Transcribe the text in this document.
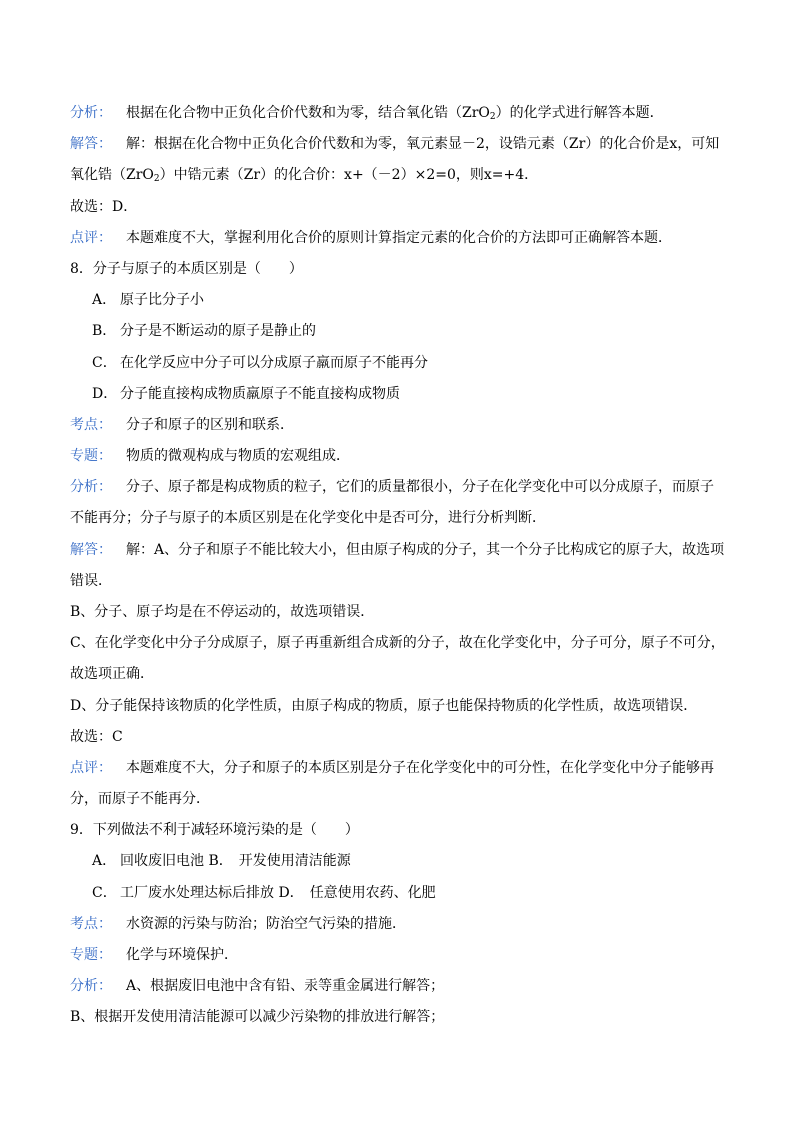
分析： 根据在化合物中正负化合价代数和为零，结合氧化锆（ZrO$_2$）的化学式进行解答本题．
解答： 解：根据在化合物中正负化合价代数和为零，氧元素显－2，设锆元素（Zr）的化合价是x，可知
氧化锆（ZrO$_2$）中锆元素（Zr）的化合价：x+（－2）×2=0，则x=+4．
故选：D．
点评： 本题难度不大，掌握利用化合价的原则计算指定元素的化合价的方法即可正确解答本题．
8．分子与原子的本质区别是（　　）
A． 原子比分子小
B． 分子是不断运动的原子是静止的
C． 在化学反应中分子可以分成原子羸而原子不能再分
D． 分子能直接构成物质羸原子不能直接构成物质
考点： 分子和原子的区别和联系．
专题： 物质的微观构成与物质的宏观组成．
分析： 分子、原子都是构成物质的粒子，它们的质量都很小，分子在化学变化中可以分成原子，而原子
不能再分；分子与原子的本质区别是在化学变化中是否可分，进行分析判断．
解答： 解：A、分子和原子不能比较大小，但由原子构成的分子，其一个分子比构成它的原子大，故选项
错误．
B、分子、原子均是在不停运动的，故选项错误．
C、在化学变化中分子分成原子，原子再重新组合成新的分子，故在化学变化中，分子可分，原子不可分，
故选项正确．
D、分子能保持该物质的化学性质，由原子构成的物质，原子也能保持物质的化学性质，故选项错误．
故选：C
点评： 本题难度不大，分子和原子的本质区别是分子在化学变化中的可分性，在化学变化中分子能够再
分，而原子不能再分．
9．下列做法不利于减轻环境污染的是（　　）
A． 回收废旧电池 B． 开发使用清洁能源
C． 工厂废水处理达标后排放 D． 任意使用农药、化肥
考点： 水资源的污染与防治；防治空气污染的措施．
专题： 化学与环境保护．
分析： A、根据废旧电池中含有铅、汞等重金属进行解答；
B、根据开发使用清洁能源可以减少污染物的排放进行解答；
